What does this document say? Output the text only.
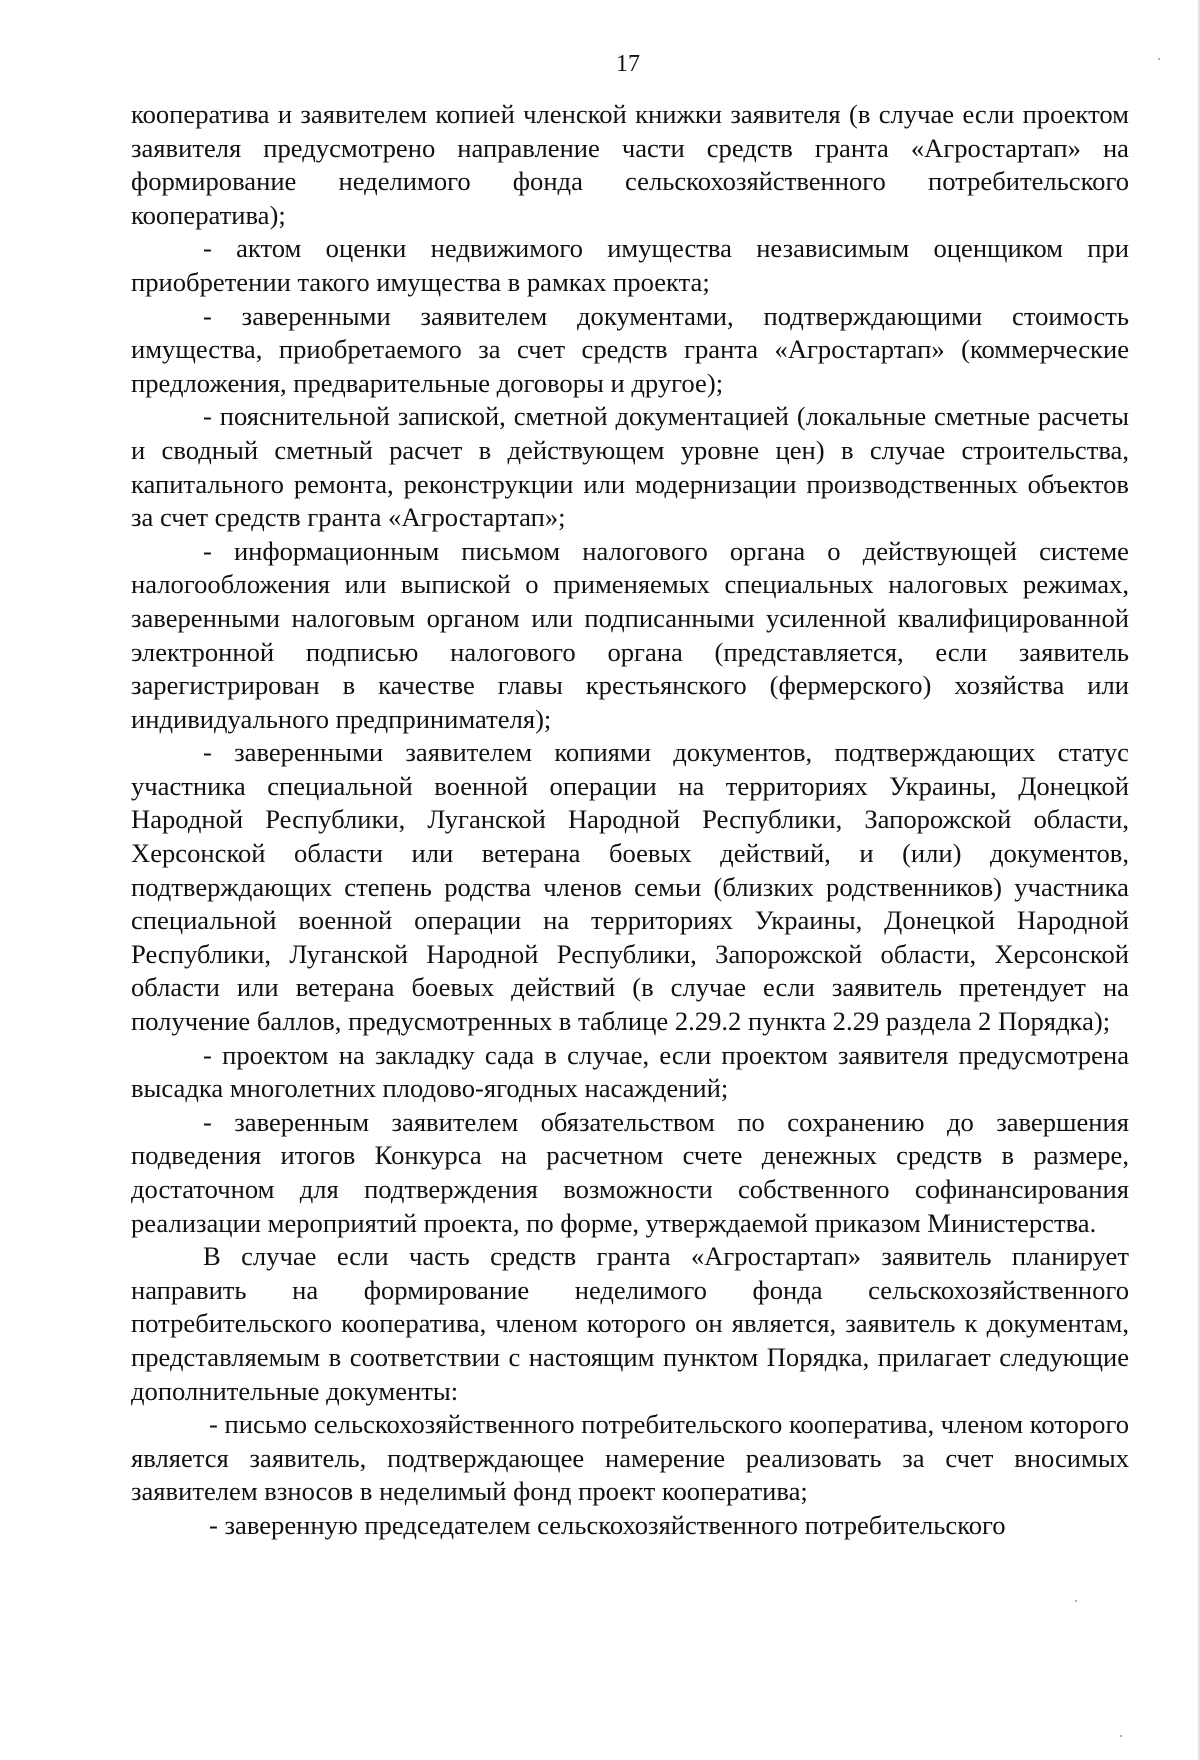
17

кооператива и заявителем копией членской книжки заявителя (в случае если проектом заявителя предусмотрено направление части средств гранта «Агростартап» на формирование неделимого фонда сельскохозяйственного потребительского кооператива);

- актом оценки недвижимого имущества независимым оценщиком при приобретении такого имущества в рамках проекта;

- заверенными заявителем документами, подтверждающими стоимость имущества, приобретаемого за счет средств гранта «Агростартап» (коммерческие предложения, предварительные договоры и другое);

- пояснительной запиской, сметной документацией (локальные сметные расчеты и сводный сметный расчет в действующем уровне цен) в случае строительства, капитального ремонта, реконструкции или модернизации производственных объектов за счет средств гранта «Агростартап»;

- информационным письмом налогового органа о действующей системе налогообложения или выпиской о применяемых специальных налоговых режимах, заверенными налоговым органом или подписанными усиленной квалифицированной электронной подписью налогового органа (представляется, если заявитель зарегистрирован в качестве главы крестьянского (фермерского) хозяйства или индивидуального предпринимателя);

- заверенными заявителем копиями документов, подтверждающих статус участника специальной военной операции на территориях Украины, Донецкой Народной Республики, Луганской Народной Республики, Запорожской области, Херсонской области или ветерана боевых действий, и (или) документов, подтверждающих степень родства членов семьи (близких родственников) участника специальной военной операции на территориях Украины, Донецкой Народной Республики, Луганской Народной Республики, Запорожской области, Херсонской области или ветерана боевых действий (в случае если заявитель претендует на получение баллов, предусмотренных в таблице 2.29.2 пункта 2.29 раздела 2 Порядка);

- проектом на закладку сада в случае, если проектом заявителя предусмотрена высадка многолетних плодово-ягодных насаждений;

- заверенным заявителем обязательством по сохранению до завершения подведения итогов Конкурса на расчетном счете денежных средств в размере, достаточном для подтверждения возможности собственного софинансирования реализации мероприятий проекта, по форме, утверждаемой приказом Министерства.

В случае если часть средств гранта «Агростартап» заявитель планирует направить на формирование неделимого фонда сельскохозяйственного потребительского кооператива, членом которого он является, заявитель к документам, представляемым в соответствии с настоящим пунктом Порядка, прилагает следующие дополнительные документы:

- письмо сельскохозяйственного потребительского кооператива, членом которого является заявитель, подтверждающее намерение реализовать за счет вносимых заявителем взносов в неделимый фонд проект кооператива;

- заверенную председателем сельскохозяйственного потребительского
